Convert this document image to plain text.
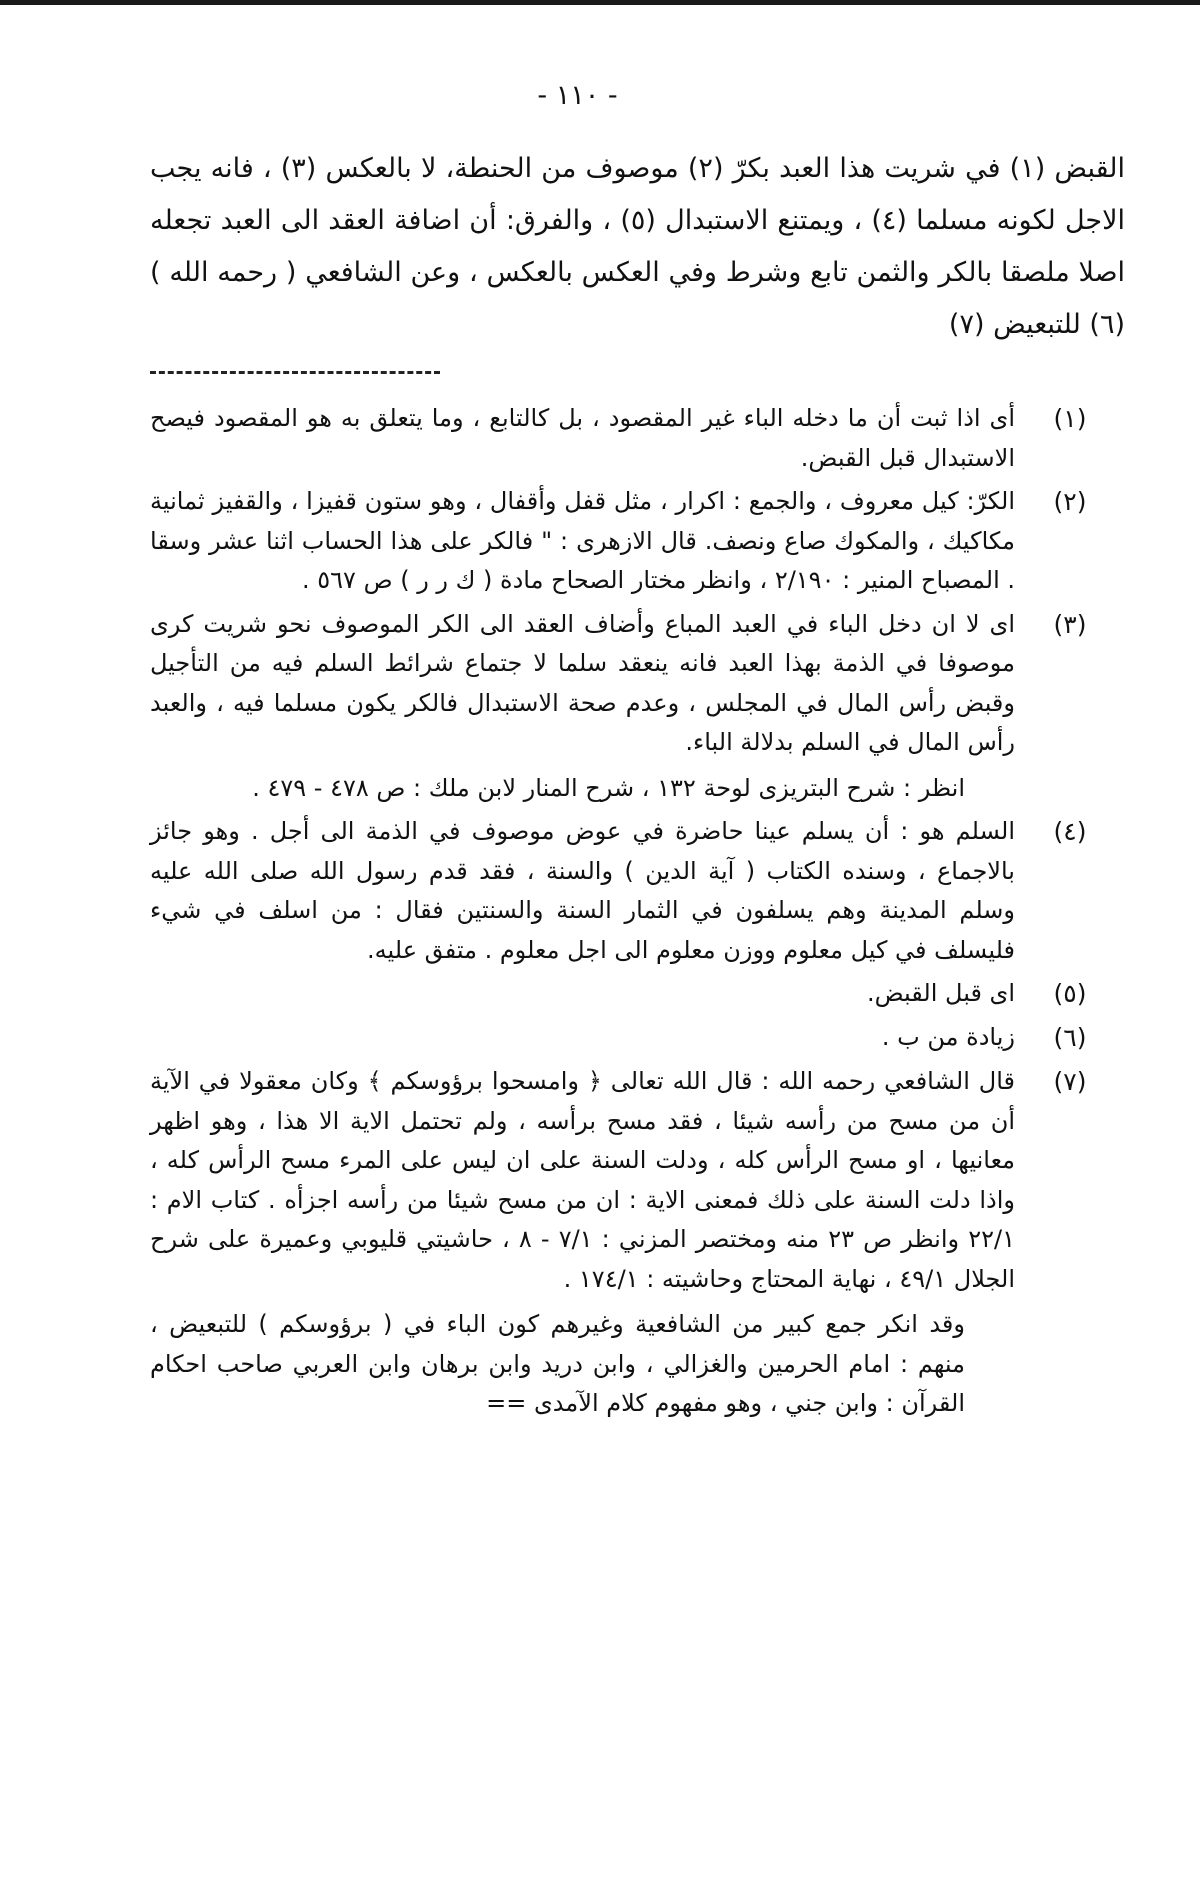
- ١١٠ -

القبض (١) في شريت هذا العبد بكرّ (٢) موصوف من الحنطة، لا بالعكس (٣) ، فانه يجب الاجل لكونه مسلما (٤) ، ويمتنع الاستبدال (٥) ، والفرق: أن اضافة العقد الى العبد تجعله اصلا ملصقا بالكر والثمن تابع وشرط وفي العكس بالعكس ، وعن الشافعي ( رحمه الله ) (٦) للتبعيض (٧)

(١)

أى اذا ثبت أن ما دخله الباء غير المقصود ، بل كالتابع ، وما يتعلق به هو المقصود فيصح الاستبدال قبل القبض.

(٢)

الكرّ: كيل معروف ، والجمع : اكرار ، مثل قفل وأقفال ، وهو ستون قفيزا ، والقفيز ثمانية مكاكيك ، والمكوك صاع ونصف. قال الازهرى : " فالكر على هذا الحساب اثنا عشر وسقا . المصباح المنير : ٢/١٩٠ ، وانظر مختار الصحاح مادة ( ك ر ر ) ص ٥٦٧ .

(٣)

اى لا ان دخل الباء في العبد المباع وأضاف العقد الى الكر الموصوف نحو شريت كرى موصوفا في الذمة بهذا العبد فانه ينعقد سلما لا جتماع شرائط السلم فيه من التأجيل وقبض رأس المال في المجلس ، وعدم صحة الاستبدال فالكر يكون مسلما فيه ، والعبد رأس المال في السلم بدلالة الباء.

انظر : شرح البتريزى لوحة ١٣٢ ، شرح المنار لابن ملك : ص ٤٧٨ - ٤٧٩ .

(٤)

السلم هو : أن يسلم عينا حاضرة في عوض موصوف في الذمة الى أجل . وهو جائز بالاجماع ، وسنده الكتاب ( آية الدين ) والسنة ، فقد قدم رسول الله صلى الله عليه وسلم المدينة وهم يسلفون في الثمار السنة والسنتين فقال : من اسلف في شيء فليسلف في كيل معلوم ووزن معلوم الى اجل معلوم . متفق عليه.

(٥)

اى قبل القبض.

(٦)

زيادة من ب .

(٧)

قال الشافعي رحمه الله : قال الله تعالى ﴿ وامسحوا برؤوسكم ﴾ وكان معقولا في الآية أن من مسح من رأسه شيئا ، فقد مسح برأسه ، ولم تحتمل الاية الا هذا ، وهو اظهر معانيها ، او مسح الرأس كله ، ودلت السنة على ان ليس على المرء مسح الرأس كله ، واذا دلت السنة على ذلك فمعنى الاية : ان من مسح شيئا من رأسه اجزأه . كتاب الام : ٢٢/١ وانظر ص ٢٣ منه ومختصر المزني : ٧/١ - ٨ ، حاشيتي قليوبي وعميرة على شرح الجلال ٤٩/١ ، نهاية المحتاج وحاشيته : ١٧٤/١ .

وقد انكر جمع كبير من الشافعية وغيرهم كون الباء في ( برؤوسكم ) للتبعيض ، منهم : امام الحرمين والغزالي ، وابن دريد وابن برهان وابن العربي صاحب احكام القرآن : وابن جني ، وهو مفهوم كلام الآمدى ==
